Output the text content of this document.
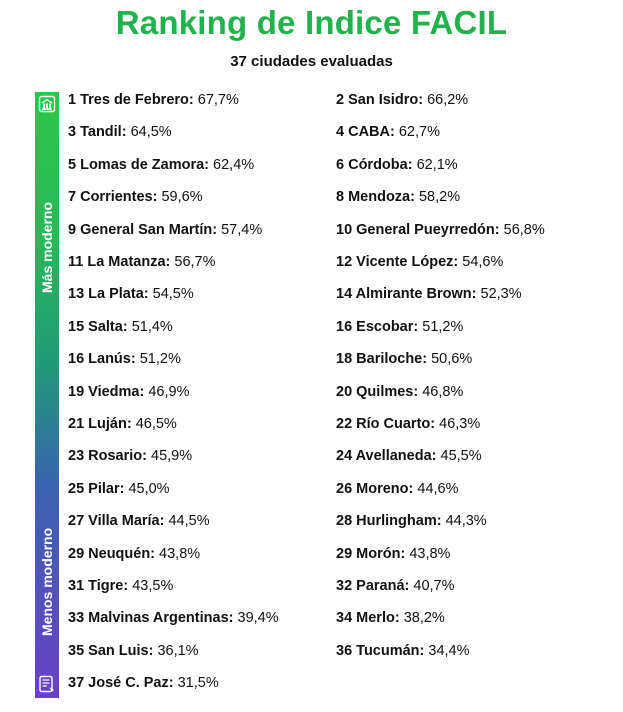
Ranking de Indice FACIL
37 ciudades evaluadas
Más moderno
Menos moderno
1 Tres de Febrero: 67,7%	2 San Isidro: 66,2%
3 Tandil: 64,5%	4 CABA: 62,7%
5 Lomas de Zamora: 62,4%	6 Córdoba: 62,1%
7 Corrientes: 59,6%	8 Mendoza: 58,2%
9 General San Martín: 57,4%	10 General Pueyrredón: 56,8%
11 La Matanza: 56,7%	12 Vicente López: 54,6%
13 La Plata: 54,5%	14 Almirante Brown: 52,3%
15 Salta: 51,4%	16 Escobar: 51,2%
16 Lanús: 51,2%	18 Bariloche: 50,6%
19 Viedma: 46,9%	20 Quilmes: 46,8%
21 Luján: 46,5%	22 Río Cuarto: 46,3%
23 Rosario: 45,9%	24 Avellaneda: 45,5%
25 Pilar: 45,0%	26 Moreno: 44,6%
27 Villa María: 44,5%	28 Hurlingham: 44,3%
29 Neuquén: 43,8%	29 Morón: 43,8%
31 Tigre: 43,5%	32 Paraná: 40,7%
33 Malvinas Argentinas: 39,4%	34 Merlo: 38,2%
35 San Luis: 36,1%	36 Tucumán: 34,4%
37 José C. Paz: 31,5%
